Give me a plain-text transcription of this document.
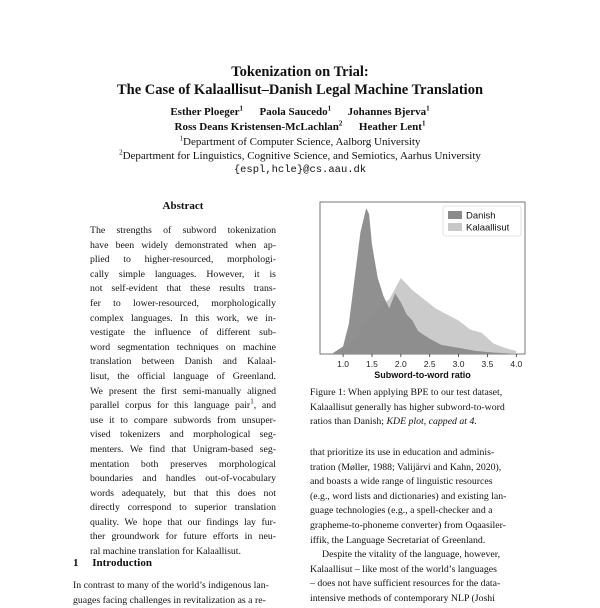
Tokenization on Trial:
The Case of Kalaallisut–Danish Legal Machine Translation
Esther Ploeger$^1$ Paola Saucedo$^1$ Johannes Bjerva$^1$
Ross Deans Kristensen-McLachlan$^2$ Heather Lent$^1$
$^1$Department of Computer Science, Aalborg University
$^2$Department for Linguistics, Cognitive Science, and Semiotics, Aarhus University
{espl,hcle}@cs.aau.dk
Abstract
The strengths of subword tokenization
have been widely demonstrated when ap-
plied to higher-resourced, morphologi-
cally simple languages. However, it is
not self-evident that these results trans-
fer to lower-resourced, morphologically
complex languages. In this work, we in-
vestigate the influence of different sub-
word segmentation techniques on machine
translation between Danish and Kalaal-
lisut, the official language of Greenland.
We present the first semi-manually aligned
parallel corpus for this language pair$^1$, and
use it to compare subwords from unsuper-
vised tokenizers and morphological seg-
menters. We find that Unigram-based seg-
mentation both preserves morphological
boundaries and handles out-of-vocabulary
words adequately, but that this does not
directly correspond to superior translation
quality. We hope that our findings lay fur-
ther groundwork for future efforts in neu-
ral machine translation for Kalaallisut.
1 Introduction
In contrast to many of the world’s indigenous lan-
guages facing challenges in revitalization as a re-
1.0 1.5 2.0 2.5 3.0 3.5 4.0
Subword-to-word ratio
Danish
Kalaallisut
Figure 1: When applying BPE to our test dataset,
Kalaallisut generally has higher subword-to-word
ratios than Danish; KDE plot, capped at 4.
that prioritize its use in education and adminis-
tration (Møller, 1988; Valijärvi and Kahn, 2020),
and boasts a wide range of linguistic resources
(e.g., word lists and dictionaries) and existing lan-
guage technologies (e.g., a spell-checker and a
grapheme-to-phoneme converter) from Oqaasiler-
iffik, the Language Secretariat of Greenland.
Despite the vitality of the language, however,
Kalaallisut – like most of the world’s languages
– does not have sufficient resources for the data-
intensive methods of contemporary NLP (Joshi
